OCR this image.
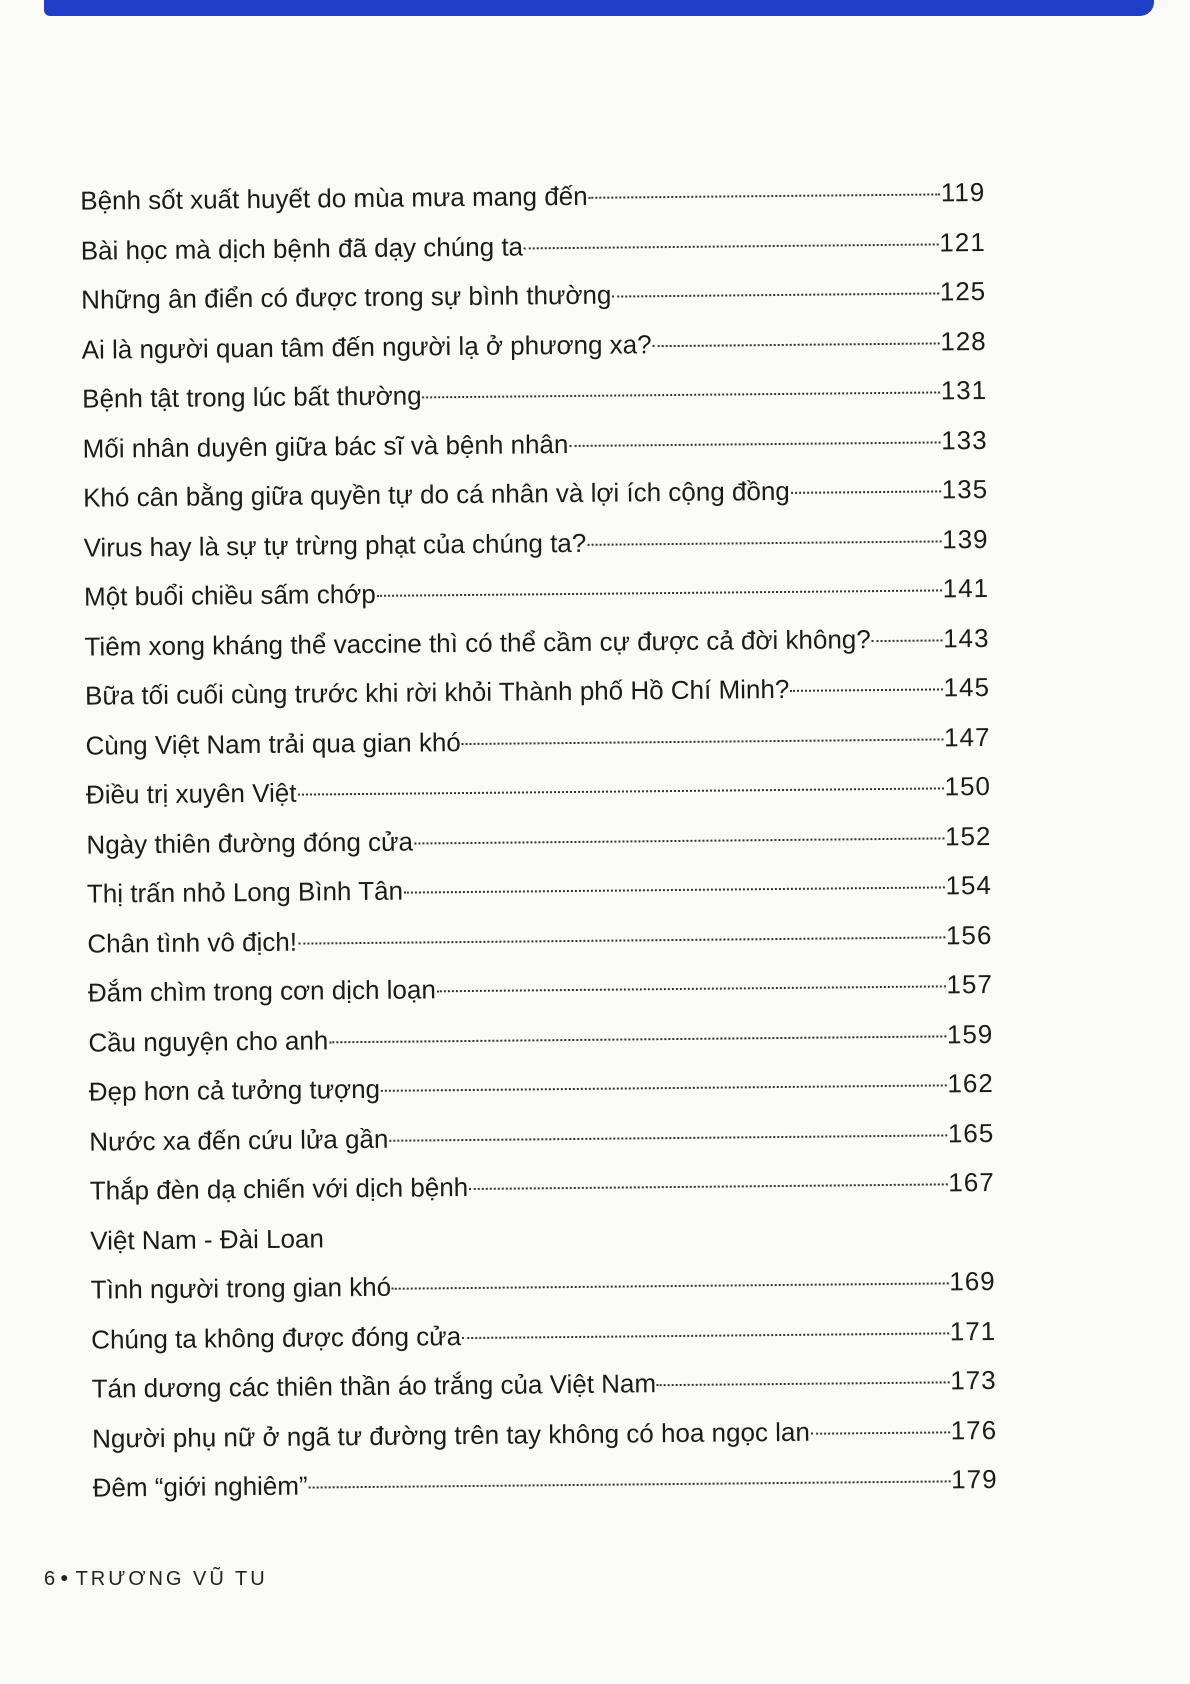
Bệnh sốt xuất huyết do mùa mưa mang đến	119
Bài học mà dịch bệnh đã dạy chúng ta	121
Những ân điển có được trong sự bình thường	125
Ai là người quan tâm đến người lạ ở phương xa?	128
Bệnh tật trong lúc bất thường	131
Mối nhân duyên giữa bác sĩ và bệnh nhân	133
Khó cân bằng giữa quyền tự do cá nhân và lợi ích cộng đồng	135
Virus hay là sự tự trừng phạt của chúng ta?	139
Một buổi chiều sấm chớp	141
Tiêm xong kháng thể vaccine thì có thể cầm cự được cả đời không?	143
Bữa tối cuối cùng trước khi rời khỏi Thành phố Hồ Chí Minh?	145
Cùng Việt Nam trải qua gian khó	147
Điều trị xuyên Việt	150
Ngày thiên đường đóng cửa	152
Thị trấn nhỏ Long Bình Tân	154
Chân tình vô địch!	156
Đắm chìm trong cơn dịch loạn	157
Cầu nguyện cho anh	159
Đẹp hơn cả tưởng tượng	162
Nước xa đến cứu lửa gần	165
Thắp đèn dạ chiến với dịch bệnh	167
Việt Nam - Đài Loan
Tình người trong gian khó	169
Chúng ta không được đóng cửa	171
Tán dương các thiên thần áo trắng của Việt Nam	173
Người phụ nữ ở ngã tư đường trên tay không có hoa ngọc lan	176
Đêm “giới nghiêm”	179
6 ● TRƯƠNG VŨ TU
